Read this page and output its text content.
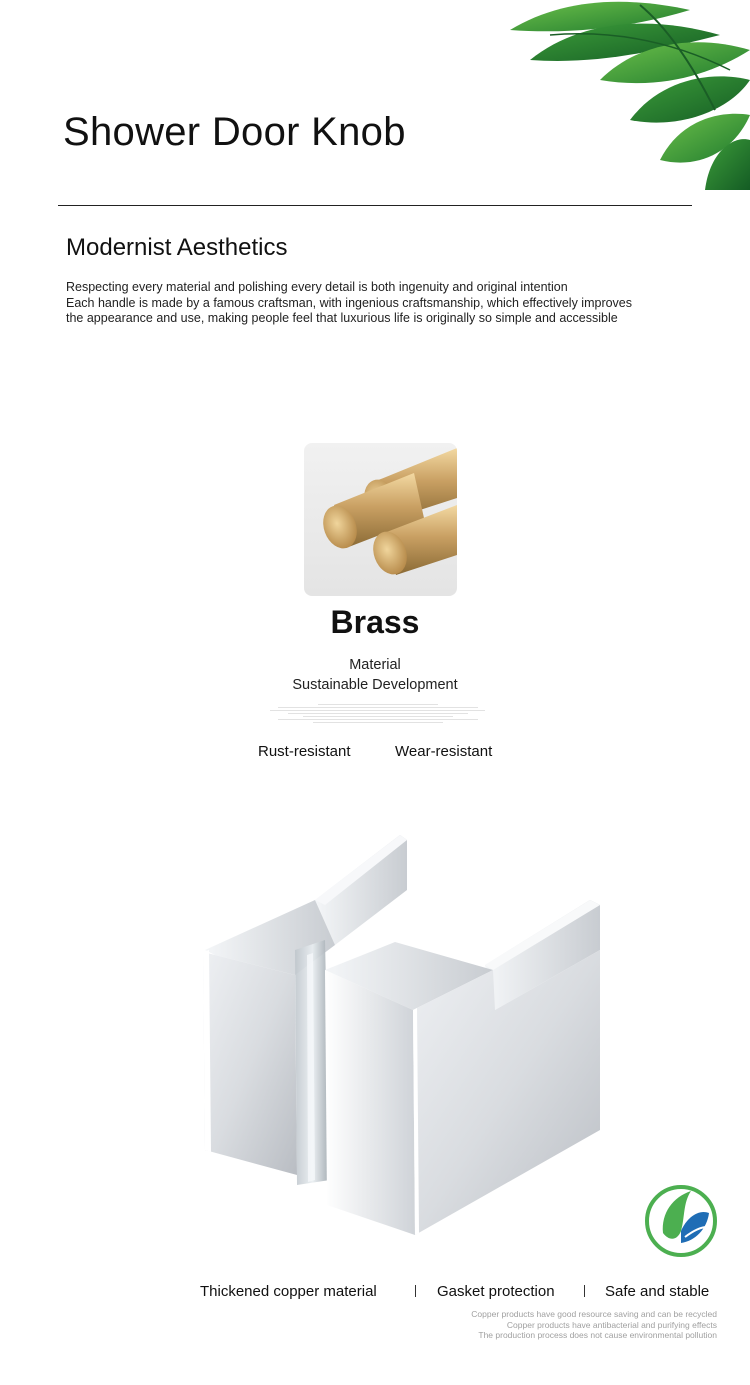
Shower Door Knob
Modernist Aesthetics

Respecting every material and polishing every detail is both ingenuity and original intention

Each handle is made by a famous craftsman, with ingenious craftsmanship, which effectively improves

the appearance and use, making people feel that luxurious life is originally so simple and accessible

Brass
Material
Sustainable Development
Rust-resistant	Wear-resistant
Thickened copper material	Gasket protection	Safe and stable

Copper products have good resource saving and can be recycled

Copper products have antibacterial and purifying effects

The production process does not cause environmental pollution
